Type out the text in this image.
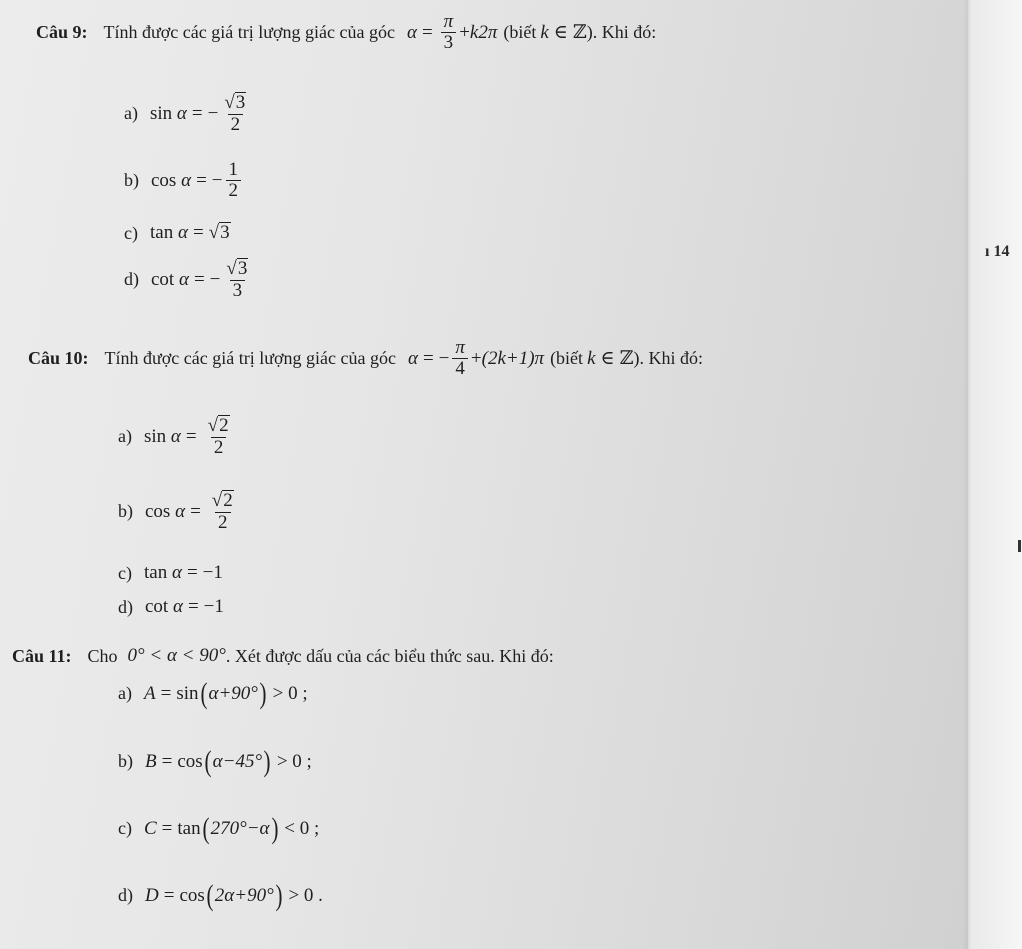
ı 14
Câu 9: Tính được các giá trị lượng giác của góc $\alpha = \frac{\pi}{3} + k2\pi$ (biết k ∈ ℤ ). Khi đó:
a) sin
α = − $\frac{√ 3}{2}$
b) cos
α = − $\frac{1}{2}$
c) tan
α = √ 3
d) cot
α = − $\frac{√ 3}{3}$
Câu 10: Tính được các giá trị lượng giác của góc α = − $\frac{\pi}{4} + (2k+1)\pi$ (biết k ∈ ℤ ). Khi đó:
a) sin
$\alpha = \frac{√ 2}{2}$
b) cos
$\alpha = \frac{√ 2}{2}$
c) tan
α = −1
d) cot
α = −1
Câu 11: Cho 0° < α < 90° . Xét được dấu của các biểu thức sau. Khi đó:
a) A = sin ( α+90° )
> 0 ;
b) B = cos ( α−45° )
> 0 ;
c) C = tan ( 270°−α )
< 0 ;
d) D = cos ( 2α+90° )
> 0 .
